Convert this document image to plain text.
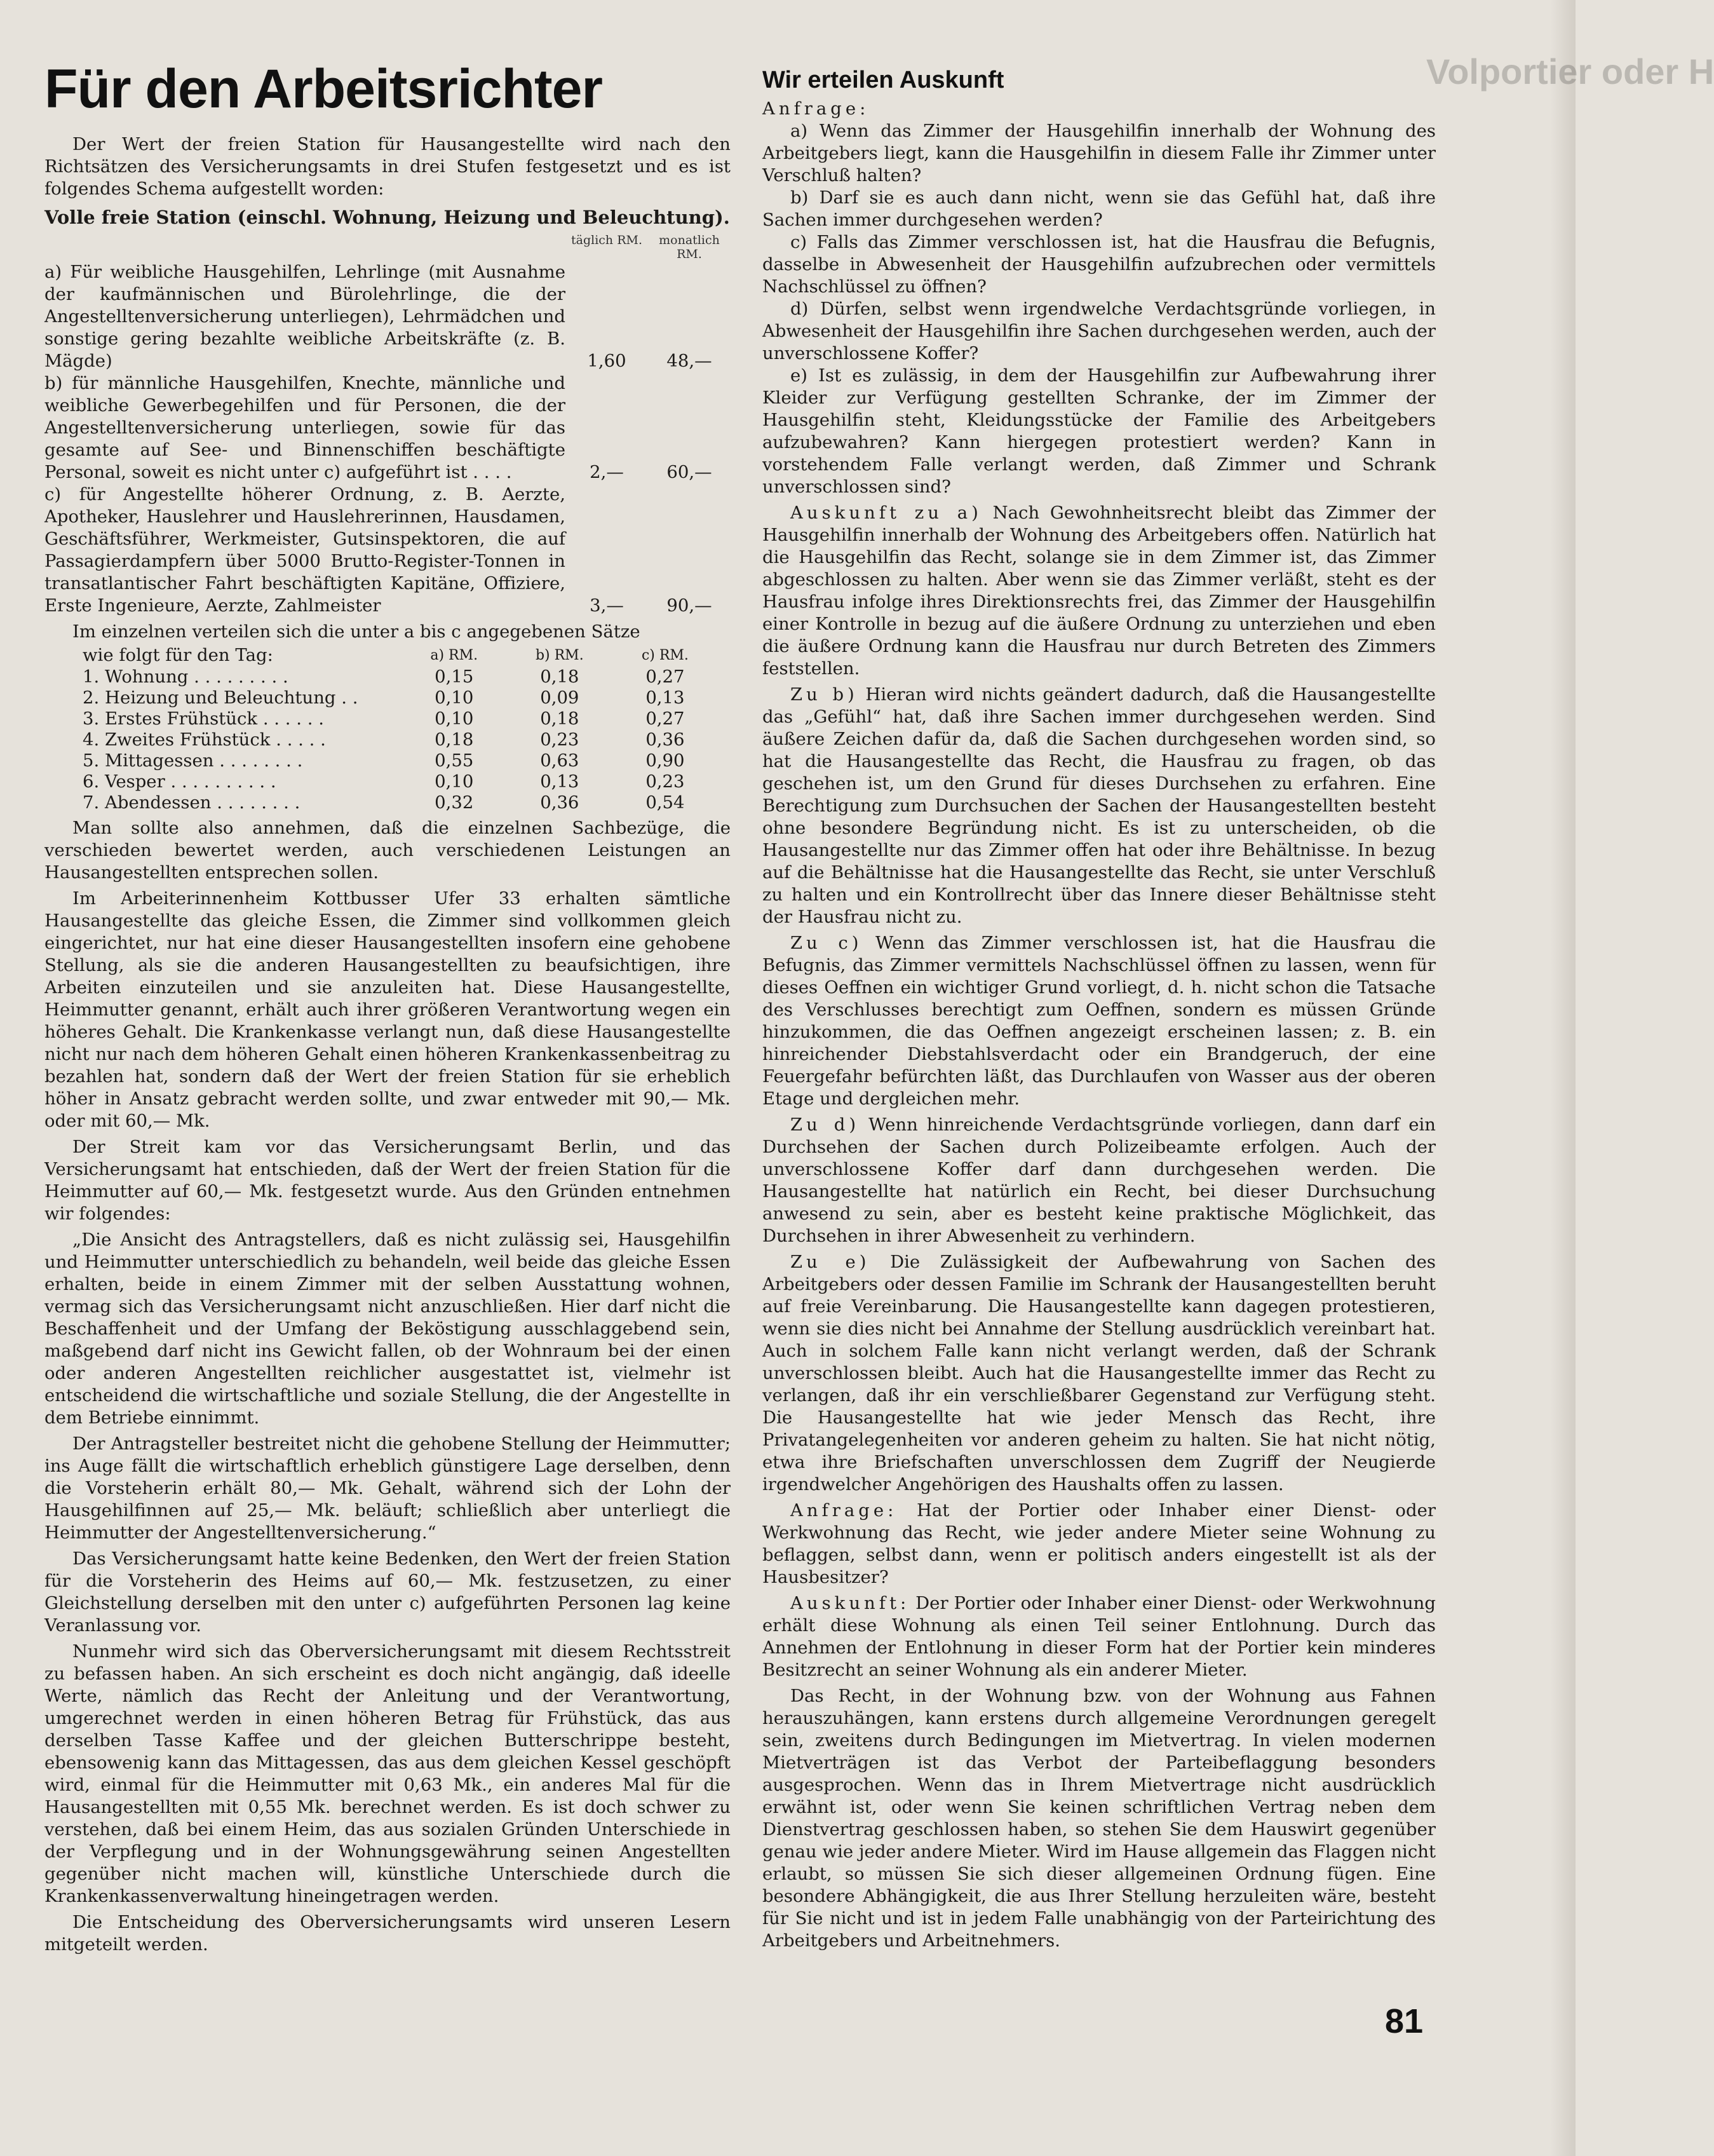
Volportier oder H
Für den Arbeitsrichter

Der Wert der freien Station für Hausangestellte wird nach den Richtsätzen des Versicherungsamts in drei Stufen festgesetzt und es ist folgendes Schema aufgestellt worden:

Volle freie Station (einschl. Wohnung, Heizung und Beleuchtung).

täglich RM.	monatlich RM.
a) Für weibliche Hausgehilfen, Lehrlinge (mit Ausnahme der kaufmännischen und Bürolehrlinge, die der Angestelltenversicherung unterliegen), Lehrmädchen und sonstige gering bezahlte weibliche Arbeitskräfte (z. B. Mägde)	1,60	48,—
b) für männliche Hausgehilfen, Knechte, männliche und weibliche Gewerbegehilfen und für Personen, die der Angestelltenversicherung unterliegen, sowie für das gesamte auf See- und Binnenschiffen beschäftigte Personal, soweit es nicht unter c) aufgeführt ist . . . .	2,—	60,—
c) für Angestellte höherer Ordnung, z. B. Aerzte, Apotheker, Hauslehrer und Hauslehrerinnen, Hausdamen, Geschäftsführer, Werkmeister, Gutsinspektoren, die auf Passagierdampfern über 5000 Brutto-Register-Tonnen in transatlantischer Fahrt beschäftigten Kapitäne, Offiziere, Erste Ingenieure, Aerzte, Zahlmeister	3,—	90,—

Im einzelnen verteilen sich die unter a bis c angegebenen Sätze

wie folgt für den Tag:	a) RM.	b) RM.	c) RM.
1. Wohnung . . . . . . . . .	0,15	0,18	0,27
2. Heizung und Beleuchtung . .	0,10	0,09	0,13
3. Erstes Frühstück . . . . . .	0,10	0,18	0,27
4. Zweites Frühstück . . . . .	0,18	0,23	0,36
5. Mittagessen . . . . . . . .	0,55	0,63	0,90
6. Vesper . . . . . . . . . .	0,10	0,13	0,23
7. Abendessen . . . . . . . .	0,32	0,36	0,54

Man sollte also annehmen, daß die einzelnen Sachbezüge, die verschieden bewertet werden, auch verschiedenen Leistungen an Hausangestellten entsprechen sollen.

Im Arbeiterinnenheim Kottbusser Ufer 33 erhalten sämtliche Hausangestellte das gleiche Essen, die Zimmer sind vollkommen gleich eingerichtet, nur hat eine dieser Hausangestellten insofern eine gehobene Stellung, als sie die anderen Hausangestellten zu beaufsichtigen, ihre Arbeiten einzuteilen und sie anzuleiten hat. Diese Hausangestellte, Heimmutter genannt, erhält auch ihrer größeren Verantwortung wegen ein höheres Gehalt. Die Krankenkasse verlangt nun, daß diese Hausangestellte nicht nur nach dem höheren Gehalt einen höheren Krankenkassenbeitrag zu bezahlen hat, sondern daß der Wert der freien Station für sie erheblich höher in Ansatz gebracht werden sollte, und zwar entweder mit 90,— Mk. oder mit 60,— Mk.

Der Streit kam vor das Versicherungsamt Berlin, und das Versicherungsamt hat entschieden, daß der Wert der freien Station für die Heimmutter auf 60,— Mk. festgesetzt wurde. Aus den Gründen entnehmen wir folgendes:

„Die Ansicht des Antragstellers, daß es nicht zulässig sei, Hausgehilfin und Heimmutter unterschiedlich zu behandeln, weil beide das gleiche Essen erhalten, beide in einem Zimmer mit der selben Ausstattung wohnen, vermag sich das Versicherungsamt nicht anzuschließen. Hier darf nicht die Beschaffenheit und der Umfang der Beköstigung ausschlaggebend sein, maßgebend darf nicht ins Gewicht fallen, ob der Wohnraum bei der einen oder anderen Angestellten reichlicher ausgestattet ist, vielmehr ist entscheidend die wirtschaftliche und soziale Stellung, die der Angestellte in dem Betriebe einnimmt.

Der Antragsteller bestreitet nicht die gehobene Stellung der Heimmutter; ins Auge fällt die wirtschaftlich erheblich günstigere Lage derselben, denn die Vorsteherin erhält 80,— Mk. Gehalt, während sich der Lohn der Hausgehilfinnen auf 25,— Mk. beläuft; schließlich aber unterliegt die Heimmutter der Angestelltenversicherung.“

Das Versicherungsamt hatte keine Bedenken, den Wert der freien Station für die Vorsteherin des Heims auf 60,— Mk. festzusetzen, zu einer Gleichstellung derselben mit den unter c) aufgeführten Personen lag keine Veranlassung vor.

Nunmehr wird sich das Oberversicherungsamt mit diesem Rechtsstreit zu befassen haben. An sich erscheint es doch nicht angängig, daß ideelle Werte, nämlich das Recht der Anleitung und der Verantwortung, umgerechnet werden in einen höheren Betrag für Frühstück, das aus derselben Tasse Kaffee und der gleichen Butterschrippe besteht, ebensowenig kann das Mittagessen, das aus dem gleichen Kessel geschöpft wird, einmal für die Heimmutter mit 0,63 Mk., ein anderes Mal für die Hausangestellten mit 0,55 Mk. berechnet werden. Es ist doch schwer zu verstehen, daß bei einem Heim, das aus sozialen Gründen Unterschiede in der Verpflegung und in der Wohnungsgewährung seinen Angestellten gegenüber nicht machen will, künstliche Unterschiede durch die Krankenkassenverwaltung hineingetragen werden.

Die Entscheidung des Oberversicherungsamts wird unseren Lesern mitgeteilt werden.

Wir erteilen Auskunft

Anfrage:

a) Wenn das Zimmer der Hausgehilfin innerhalb der Wohnung des Arbeitgebers liegt, kann die Hausgehilfin in diesem Falle ihr Zimmer unter Verschluß halten?

b) Darf sie es auch dann nicht, wenn sie das Gefühl hat, daß ihre Sachen immer durchgesehen werden?

c) Falls das Zimmer verschlossen ist, hat die Hausfrau die Befugnis, dasselbe in Abwesenheit der Hausgehilfin aufzubrechen oder vermittels Nachschlüssel zu öffnen?

d) Dürfen, selbst wenn irgendwelche Verdachtsgründe vorliegen, in Abwesenheit der Hausgehilfin ihre Sachen durchgesehen werden, auch der unverschlossene Koffer?

e) Ist es zulässig, in dem der Hausgehilfin zur Aufbewahrung ihrer Kleider zur Verfügung gestellten Schranke, der im Zimmer der Hausgehilfin steht, Kleidungsstücke der Familie des Arbeitgebers aufzubewahren? Kann hiergegen protestiert werden? Kann in vorstehendem Falle verlangt werden, daß Zimmer und Schrank unverschlossen sind?

Auskunft zu a) Nach Gewohnheitsrecht bleibt das Zimmer der Hausgehilfin innerhalb der Wohnung des Arbeitgebers offen. Natürlich hat die Hausgehilfin das Recht, solange sie in dem Zimmer ist, das Zimmer abgeschlossen zu halten. Aber wenn sie das Zimmer verläßt, steht es der Hausfrau infolge ihres Direktionsrechts frei, das Zimmer der Hausgehilfin einer Kontrolle in bezug auf die äußere Ordnung zu unterziehen und eben die äußere Ordnung kann die Hausfrau nur durch Betreten des Zimmers feststellen.

Zu b) Hieran wird nichts geändert dadurch, daß die Hausangestellte das „Gefühl“ hat, daß ihre Sachen immer durchgesehen werden. Sind äußere Zeichen dafür da, daß die Sachen durchgesehen worden sind, so hat die Hausangestellte das Recht, die Hausfrau zu fragen, ob das geschehen ist, um den Grund für dieses Durchsehen zu erfahren. Eine Berechtigung zum Durchsuchen der Sachen der Hausangestellten besteht ohne besondere Begründung nicht. Es ist zu unterscheiden, ob die Hausangestellte nur das Zimmer offen hat oder ihre Behältnisse. In bezug auf die Behältnisse hat die Hausangestellte das Recht, sie unter Verschluß zu halten und ein Kontrollrecht über das Innere dieser Behältnisse steht der Hausfrau nicht zu.

Zu c) Wenn das Zimmer verschlossen ist, hat die Hausfrau die Befugnis, das Zimmer vermittels Nachschlüssel öffnen zu lassen, wenn für dieses Oeffnen ein wichtiger Grund vorliegt, d. h. nicht schon die Tatsache des Verschlusses berechtigt zum Oeffnen, sondern es müssen Gründe hinzukommen, die das Oeffnen angezeigt erscheinen lassen; z. B. ein hinreichender Diebstahlsverdacht oder ein Brandgeruch, der eine Feuergefahr befürchten läßt, das Durchlaufen von Wasser aus der oberen Etage und dergleichen mehr.

Zu d) Wenn hinreichende Verdachtsgründe vorliegen, dann darf ein Durchsehen der Sachen durch Polizeibeamte erfolgen. Auch der unverschlossene Koffer darf dann durchgesehen werden. Die Hausangestellte hat natürlich ein Recht, bei dieser Durchsuchung anwesend zu sein, aber es besteht keine praktische Möglichkeit, das Durchsehen in ihrer Abwesenheit zu verhindern.

Zu e) Die Zulässigkeit der Aufbewahrung von Sachen des Arbeitgebers oder dessen Familie im Schrank der Hausangestellten beruht auf freie Vereinbarung. Die Hausangestellte kann dagegen protestieren, wenn sie dies nicht bei Annahme der Stellung ausdrücklich vereinbart hat. Auch in solchem Falle kann nicht verlangt werden, daß der Schrank unverschlossen bleibt. Auch hat die Hausangestellte immer das Recht zu verlangen, daß ihr ein verschließbarer Gegenstand zur Verfügung steht. Die Hausangestellte hat wie jeder Mensch das Recht, ihre Privatangelegenheiten vor anderen geheim zu halten. Sie hat nicht nötig, etwa ihre Briefschaften unverschlossen dem Zugriff der Neugierde irgendwelcher Angehörigen des Haushalts offen zu lassen.

Anfrage: Hat der Portier oder Inhaber einer Dienst- oder Werkwohnung das Recht, wie jeder andere Mieter seine Wohnung zu beflaggen, selbst dann, wenn er politisch anders eingestellt ist als der Hausbesitzer?

Auskunft: Der Portier oder Inhaber einer Dienst- oder Werkwohnung erhält diese Wohnung als einen Teil seiner Entlohnung. Durch das Annehmen der Entlohnung in dieser Form hat der Portier kein minderes Besitzrecht an seiner Wohnung als ein anderer Mieter.

Das Recht, in der Wohnung bzw. von der Wohnung aus Fahnen herauszuhängen, kann erstens durch allgemeine Verordnungen geregelt sein, zweitens durch Bedingungen im Mietvertrag. In vielen modernen Mietverträgen ist das Verbot der Parteibeflaggung besonders ausgesprochen. Wenn das in Ihrem Mietvertrage nicht ausdrücklich erwähnt ist, oder wenn Sie keinen schriftlichen Vertrag neben dem Dienstvertrag geschlossen haben, so stehen Sie dem Hauswirt gegenüber genau wie jeder andere Mieter. Wird im Hause allgemein das Flaggen nicht erlaubt, so müssen Sie sich dieser allgemeinen Ordnung fügen. Eine besondere Abhängigkeit, die aus Ihrer Stellung herzuleiten wäre, besteht für Sie nicht und ist in jedem Falle unabhängig von der Parteirichtung des Arbeitgebers und Arbeitnehmers.

81
